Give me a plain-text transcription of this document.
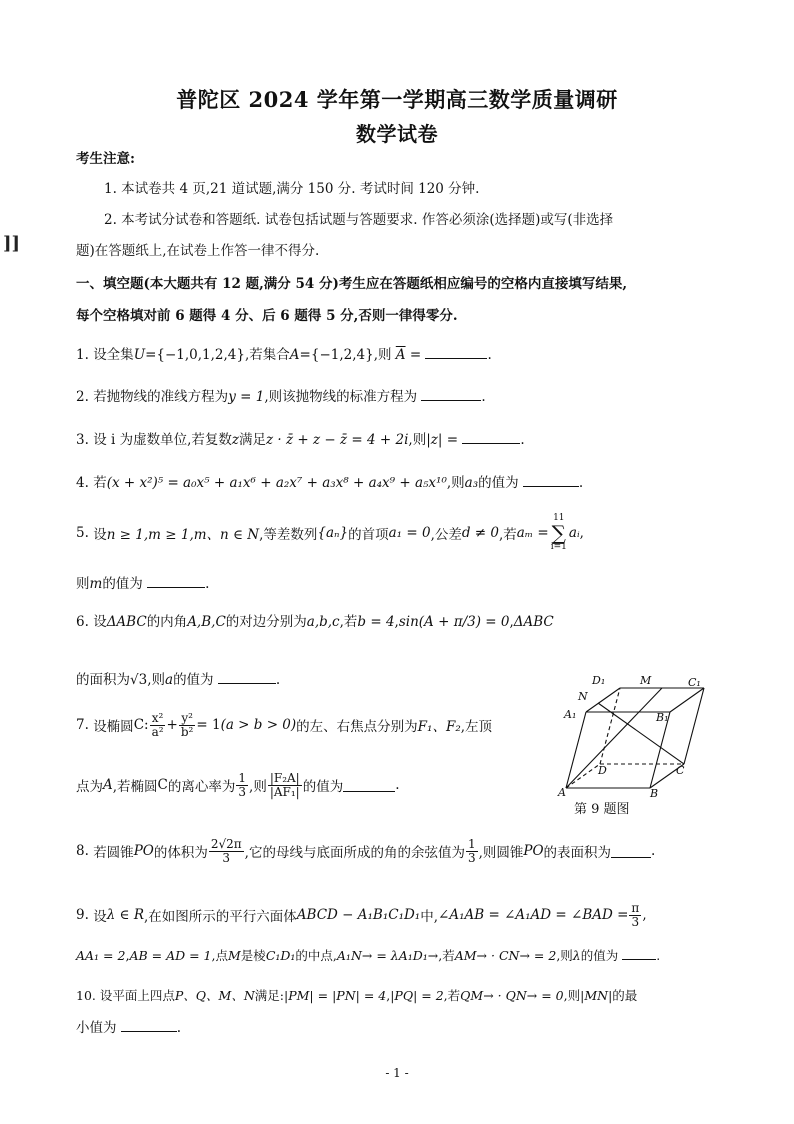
]]
普陀区 2024 学年第一学期高三数学质量调研
数学试卷
考生注意:
1. 本试卷共 4 页,21 道试题,满分 150 分. 考试时间 120 分钟.
2. 本考试分试卷和答题纸. 试卷包括试题与答题要求. 作答必须涂(选择题)或写(非选择
题)在答题纸上,在试卷上作答一律不得分.
一、填空题(本大题共有 12 题,满分 54 分)考生应在答题纸相应编号的空格内直接填写结果,
每个空格填对前 6 题得 4 分、后 6 题得 5 分,否则一律得零分.
1. 设全集U={−1,0,1,2,4},若集合A={−1,2,4},则 $\overline{A}$ =	.
2. 若抛物线的准线方程为y = 1,则该抛物线的标准方程为	.
3. 设 i 为虚数单位,若复数z满足z · z̄ + z − z̄ = 4 + 2i,则|z| =	.
4. 若(x + x²)⁵ = a₀x⁵ + a₁x⁶ + a₂x⁷ + a₃x⁸ + a₄x⁹ + a₅x¹⁰,则a₃的值为	.
5.
设 n ≥ 1,m ≥ 1,m、n ∈ N ,等差数列 {aₙ} 的首项 a₁ = 0 ,公差 d ≠ 0 ,若 aₘ =
11
∑
i=1
aᵢ ,
则m的值为	.
6. 设ΔABC的内角A,B,C的对边分别为a,b,c,若b = 4,sin(A + π/3) = 0,ΔABC
的面积为√3,则a的值为	.
7.
设椭圆 C: $\frac{\text{x²}}{\text{a²}} + \frac{\text{y²}}{\text{b²}} = 1$ (a > b > 0) 的左、右焦点分别为 F₁、F₂ ,左顶
点为 A ,若椭圆 C 的离心率为 $\frac{1}{3}$ ,则 $\frac{\text{|F₂A|}}{\text{|AF₁|}}$ 的值为	.
D₁	M	C₁
N
A₁	B₁
D	C
A	B
第 9 题图
8.
若圆锥 PO 的体积为 $\frac{2√2\pi}{3}$ ,它的母线与底面所成的角的余弦值为 $\frac{1}{3}$ ,则圆锥 PO 的表面积为	.
9.
设 λ ∈ R ,在如图所示的平行六面体 ABCD − A₁B₁C₁D₁ 中, ∠A₁AB = ∠A₁AD = ∠BAD = $\frac{\pi}{3}$ ,
AA₁ = 2,AB = AD = 1,点M是棱C₁D₁的中点,A₁N→ = λA₁D₁→,若AM→ · CN→ = 2,则λ的值为	.
10. 设平面上四点P、Q、M、N满足:|PM| = |PN| = 4,|PQ| = 2,若QM→ · QN→ = 0,则|MN|的最
小值为	.
- 1 -
